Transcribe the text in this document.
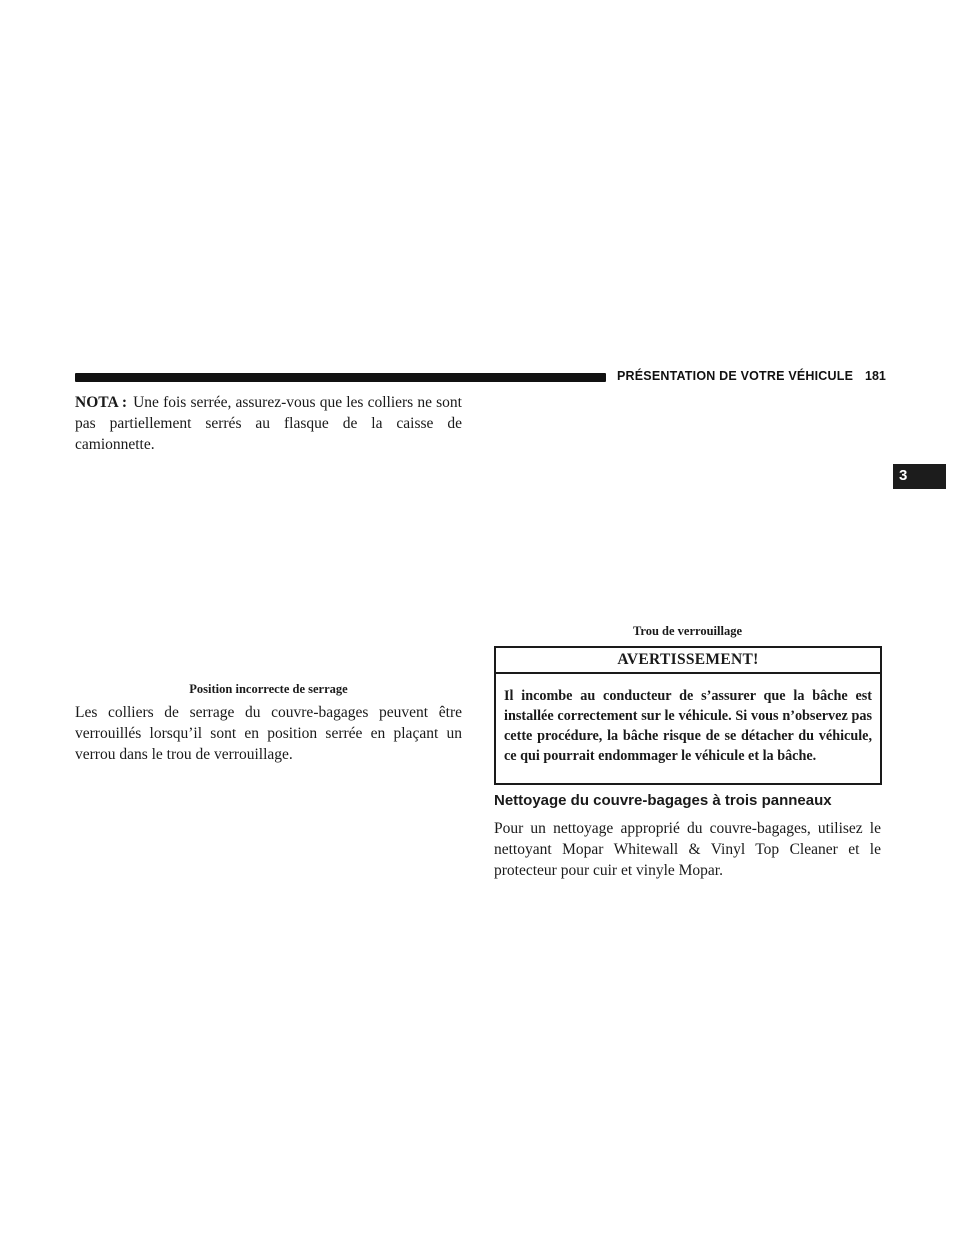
PRÉSENTATION DE VOTRE VÉHICULE 181
3
NOTA : Une fois serrée, assurez-vous que les colliers ne sont pas partiellement serrés au flasque de la caisse de camionnette.
Position incorrecte de serrage
Les colliers de serrage du couvre-bagages peuvent être verrouillés lorsqu’il sont en position serrée en plaçant un verrou dans le trou de verrouillage.
Trou de verrouillage
AVERTISSEMENT!
Il incombe au conducteur de s’assurer que la bâche est installée correctement sur le véhicule. Si vous n’observez pas cette procédure, la bâche risque de se détacher du véhicule, ce qui pourrait endommager le véhicule et la bâche.
Nettoyage du couvre-bagages à trois panneaux
Pour un nettoyage approprié du couvre-bagages, utilisez le nettoyant Mopar Whitewall & Vinyl Top Cleaner et le protecteur pour cuir et vinyle Mopar.
